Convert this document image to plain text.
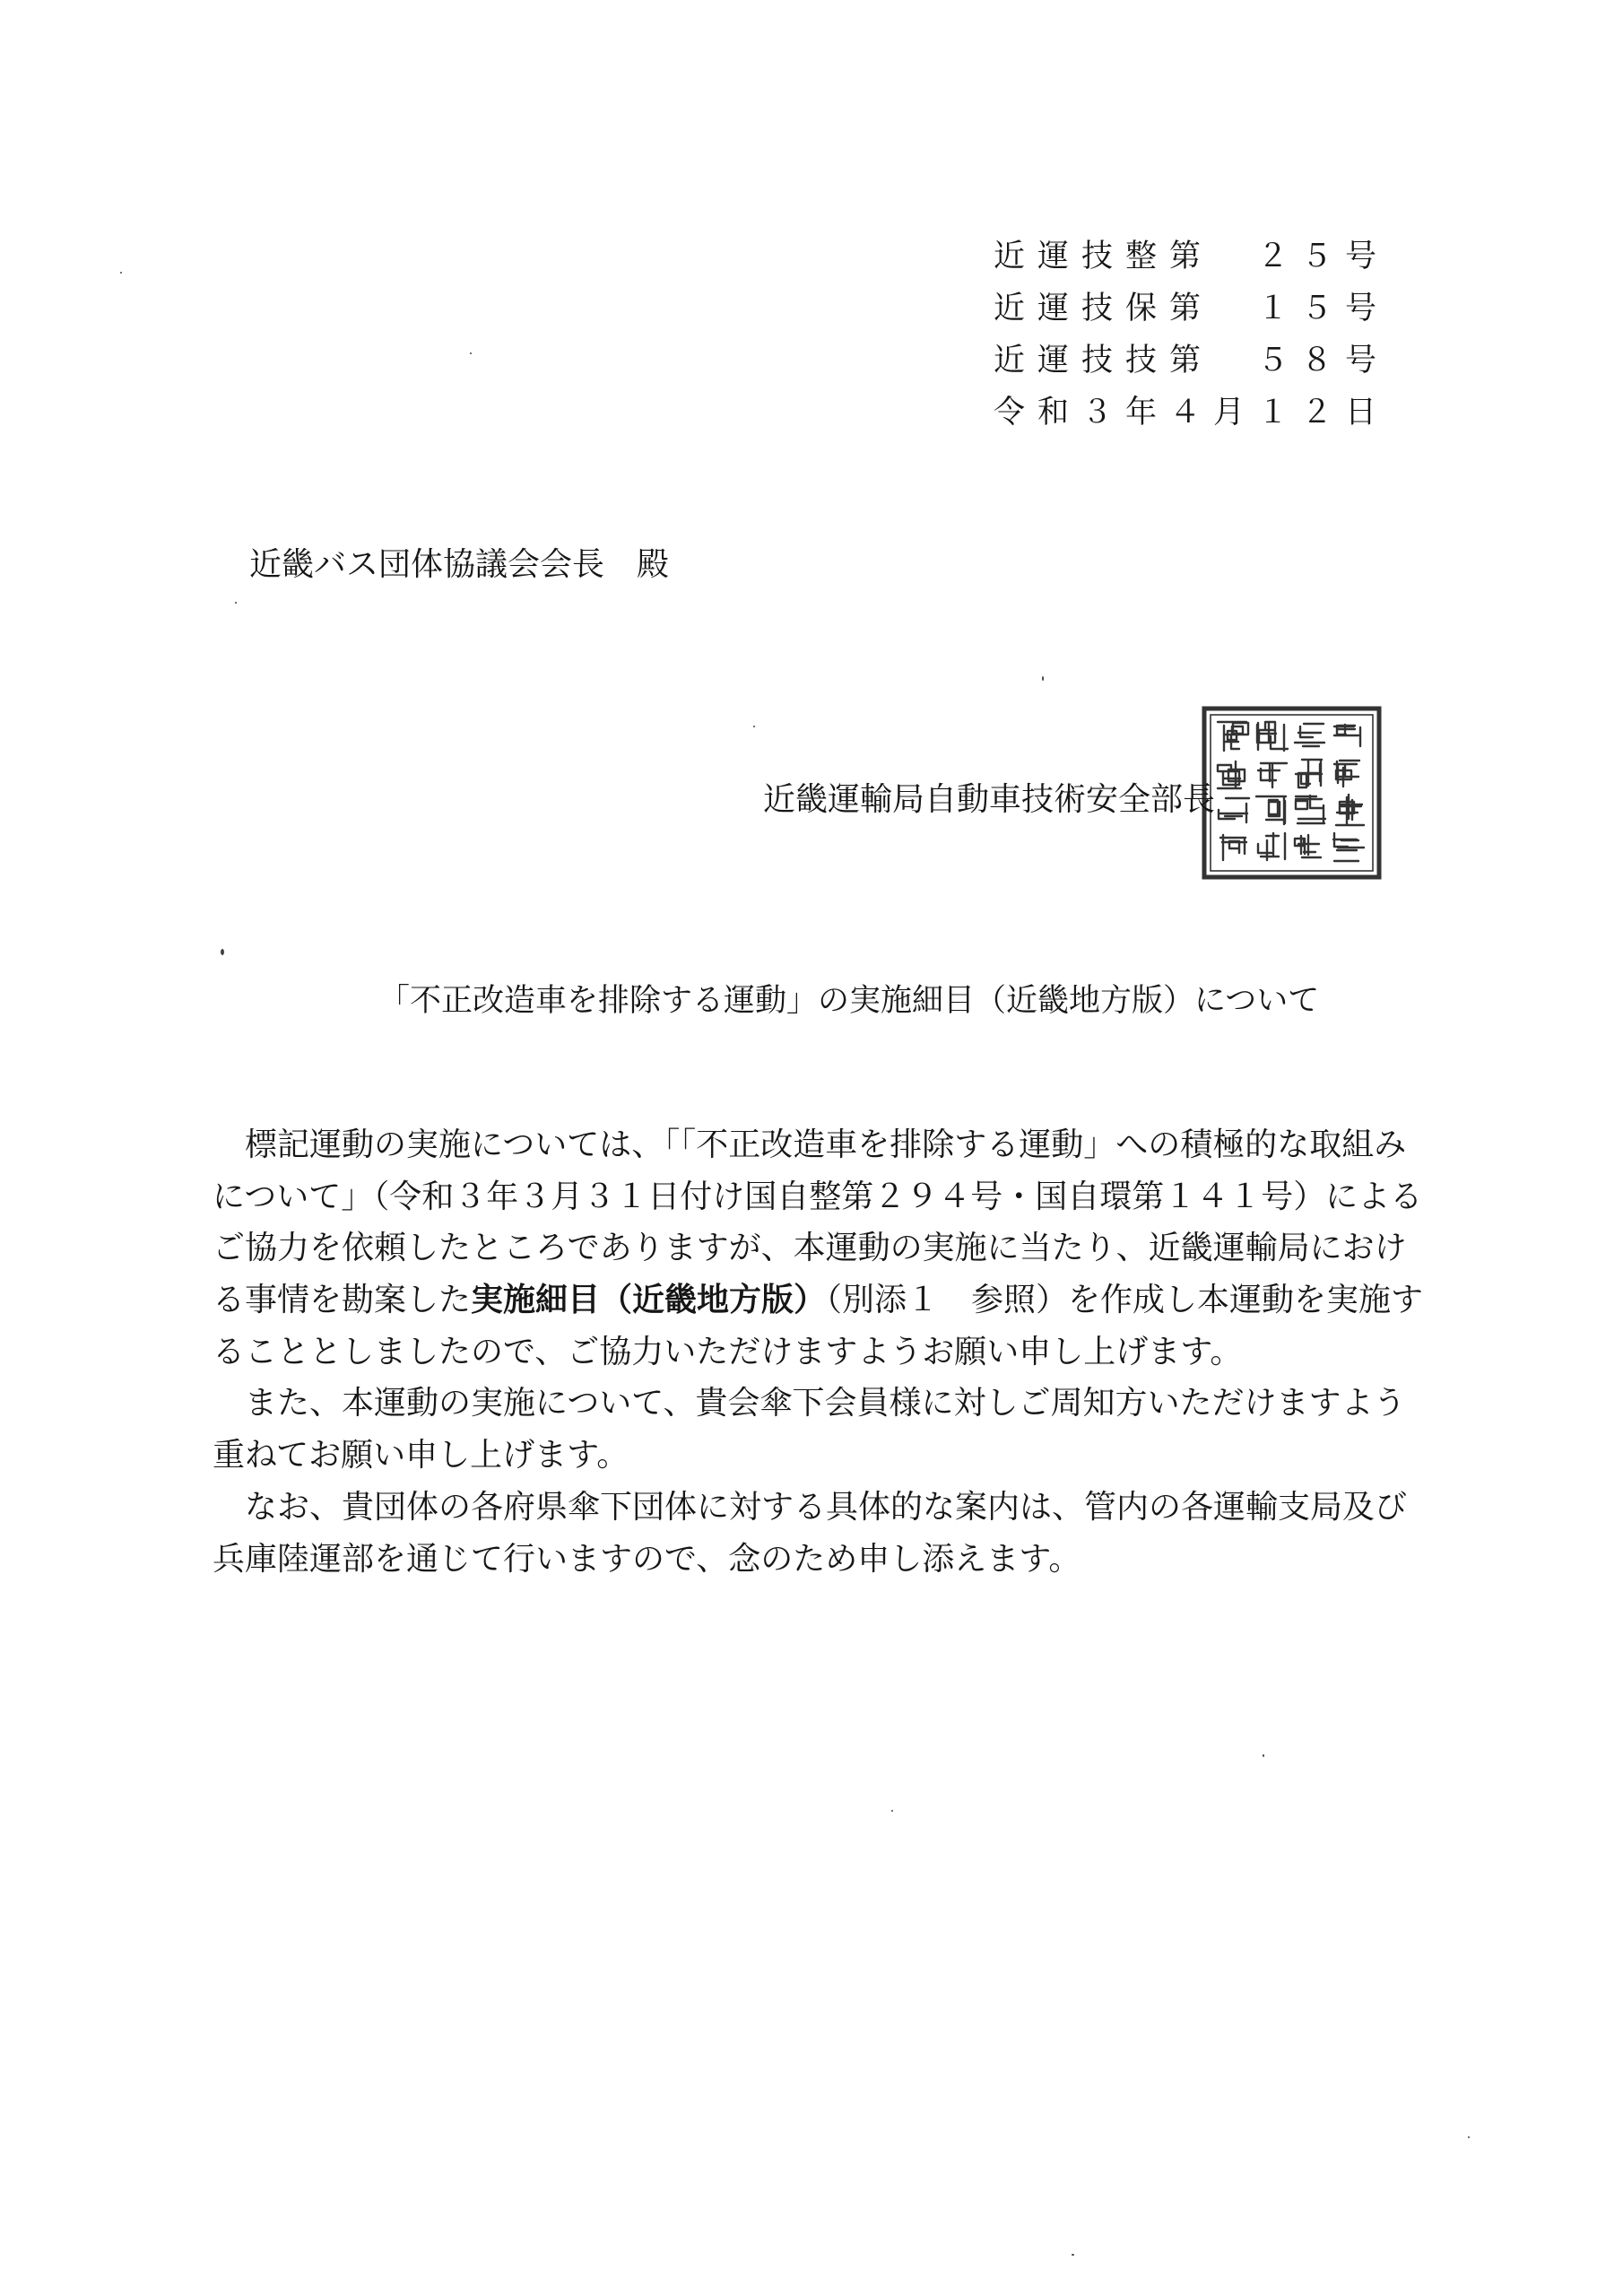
近運技整第　２５号
近運技保第　１５号
近運技技第　５８号
令和３年４月１２日
近畿バス団体協議会会長　殿
近畿運輸局自動車技術安全部長
「不正改造車を排除する運動」の実施細目（近畿地方版）について
　標記運動の実施については、「「不正改造車を排除する運動」への積極的な取組み
について」（令和３年３月３１日付け国自整第２９４号・国自環第１４１号）による
ご協力を依頼したところでありますが、本運動の実施に当たり、近畿運輸局におけ
る事情を勘案した実施細目（近畿地方版）（別添１　参照）を作成し本運動を実施す
ることとしましたので、ご協力いただけますようお願い申し上げます。
　また、本運動の実施について、貴会傘下会員様に対しご周知方いただけますよう
重ねてお願い申し上げます。
　なお、貴団体の各府県傘下団体に対する具体的な案内は、管内の各運輸支局及び
兵庫陸運部を通じて行いますので、念のため申し添えます。
